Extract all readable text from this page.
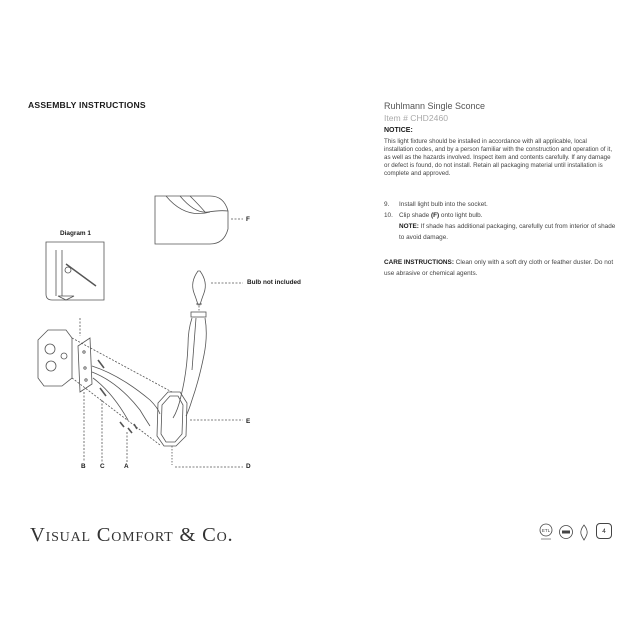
ASSEMBLY INSTRUCTIONS	Ruhlmann Single Sconce
Item # CHD2460
NOTICE:
This light fixture should be installed in accordance with all applicable, local installation codes, and by a person familiar with the construction and operation of it, as well as the hazards involved. Inspect item and contents carefully. If any damage or defect is found, do not install. Retain all packaging material until installation is complete and approved.
9. Install light bulb into the socket.
10. Clip shade (F) onto light bulb.
NOTE: If shade has additional packaging, carefully cut from interior of shade to avoid damage.
CARE INSTRUCTIONS: Clean only with a soft dry cloth or feather duster. Do not use abrasive or chemical agents.
Diagram 1
F
Bulb not included
E
D
B C	A
Visual Comfort & Co.	ETL	4
